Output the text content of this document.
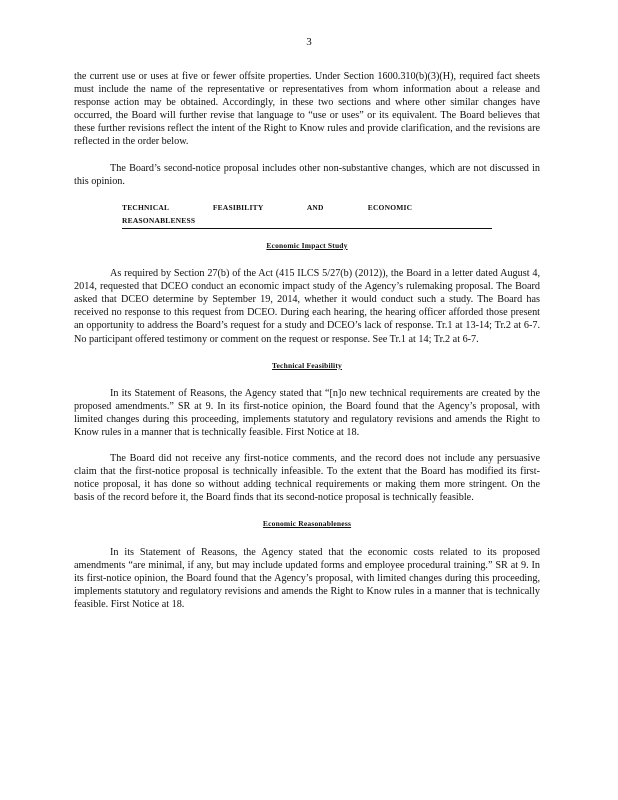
3

the current use or uses at five or fewer offsite properties. Under Section 1600.310(b)(3)(H), required fact sheets must include the name of the representative or representatives from whom information about a release and response action may be obtained. Accordingly, in these two sections and where other similar changes have occurred, the Board will further revise that language to “use or uses” or its equivalent. The Board believes that these further revisions reflect the intent of the Right to Know rules and provide clarification, and the revisions are reflected in the order below.

The Board’s second-notice proposal includes other non-substantive changes, which are not discussed in this opinion.

TECHNICAL FEASIBILITY AND ECONOMIC REASONABLENESS
Economic Impact Study

As required by Section 27(b) of the Act (415 ILCS 5/27(b) (2012)), the Board in a letter dated August 4, 2014, requested that DCEO conduct an economic impact study of the Agency’s rulemaking proposal. The Board asked that DCEO determine by September 19, 2014, whether it would conduct such a study. The Board has received no response to this request from DCEO. During each hearing, the hearing officer afforded those present an opportunity to address the Board’s request for a study and DCEO’s lack of response. Tr.1 at 13-14; Tr.2 at 6-7. No participant offered testimony or comment on the request or response. See Tr.1 at 14; Tr.2 at 6-7.

Technical Feasibility

In its Statement of Reasons, the Agency stated that “[n]o new technical requirements are created by the proposed amendments.” SR at 9. In its first-notice opinion, the Board found that the Agency’s proposal, with limited changes during this proceeding, implements statutory and regulatory revisions and amends the Right to Know rules in a manner that is technically feasible. First Notice at 18.

The Board did not receive any first-notice comments, and the record does not include any persuasive claim that the first-notice proposal is technically infeasible. To the extent that the Board has modified its first-notice proposal, it has done so without adding technical requirements or making them more stringent. On the basis of the record before it, the Board finds that its second-notice proposal is technically feasible.

Economic Reasonableness

In its Statement of Reasons, the Agency stated that the economic costs related to its proposed amendments “are minimal, if any, but may include updated forms and employee procedural training.” SR at 9. In its first-notice opinion, the Board found that the Agency’s proposal, with limited changes during this proceeding, implements statutory and regulatory revisions and amends the Right to Know rules in a manner that is technically feasible. First Notice at 18.
